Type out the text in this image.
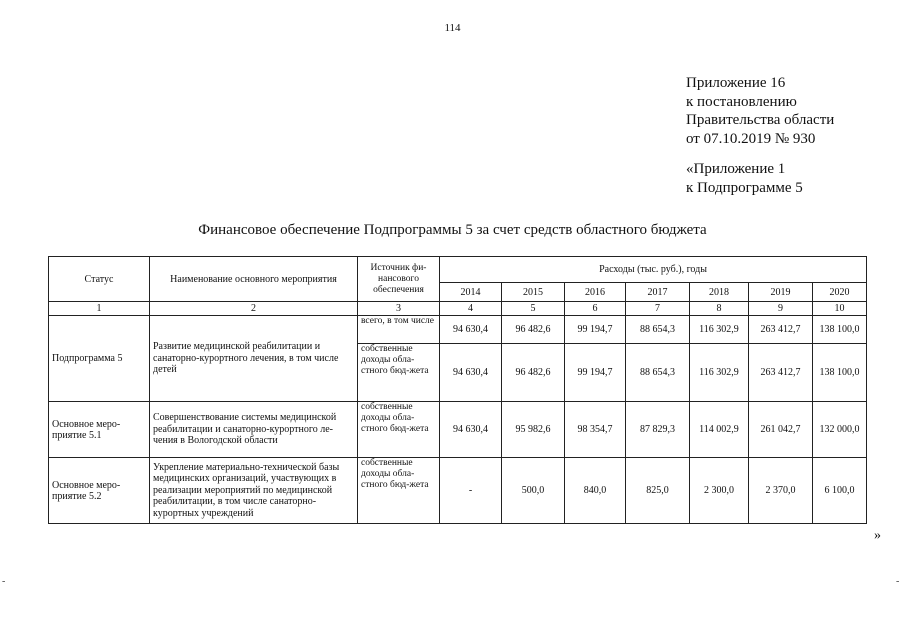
114
Приложение 16
к постановлению
Правительства области
от 07.10.2019 № 930
«Приложение 1
к Подпрограмме 5
Финансовое обеспечение Подпрограммы 5 за счет средств областного бюджета
Статус	Наименование основного мероприятия	Источник фи-нансового обеспечения	Расходы (тыс. руб.), годы						
			2014	2015	2016	2017	2018	2019	2020
1	2	3	4	5	6	7	8	9	10
Подпрограмма 5	Развитие медицинской реабилитации и санаторно-курортного лечения, в том числе детей	всего, в том числе	94 630,4	96 482,6	99 194,7	88 654,3	116 302,9	263 412,7	138 100,0
		собственные доходы обла-стного бюд-жета	94 630,4	96 482,6	99 194,7	88 654,3	116 302,9	263 412,7	138 100,0
Основное меро-приятие 5.1	Совершенствование системы медицинской реабилитации и санаторно-курортного ле-чения в Вологодской области	собственные доходы обла-стного бюд-жета	94 630,4	95 982,6	98 354,7	87 829,3	114 002,9	261 042,7	132 000,0
Основное меро-приятие 5.2	Укрепление материально-технической базы медицинских организаций, участвующих в реализации мероприятий по медицинской реабилитации, в том числе санаторно-курортных учреждений	собственные доходы обла-стного бюд-жета	-	500,0	840,0	825,0	2 300,0	2 370,0	6 100,0
»
-	-
